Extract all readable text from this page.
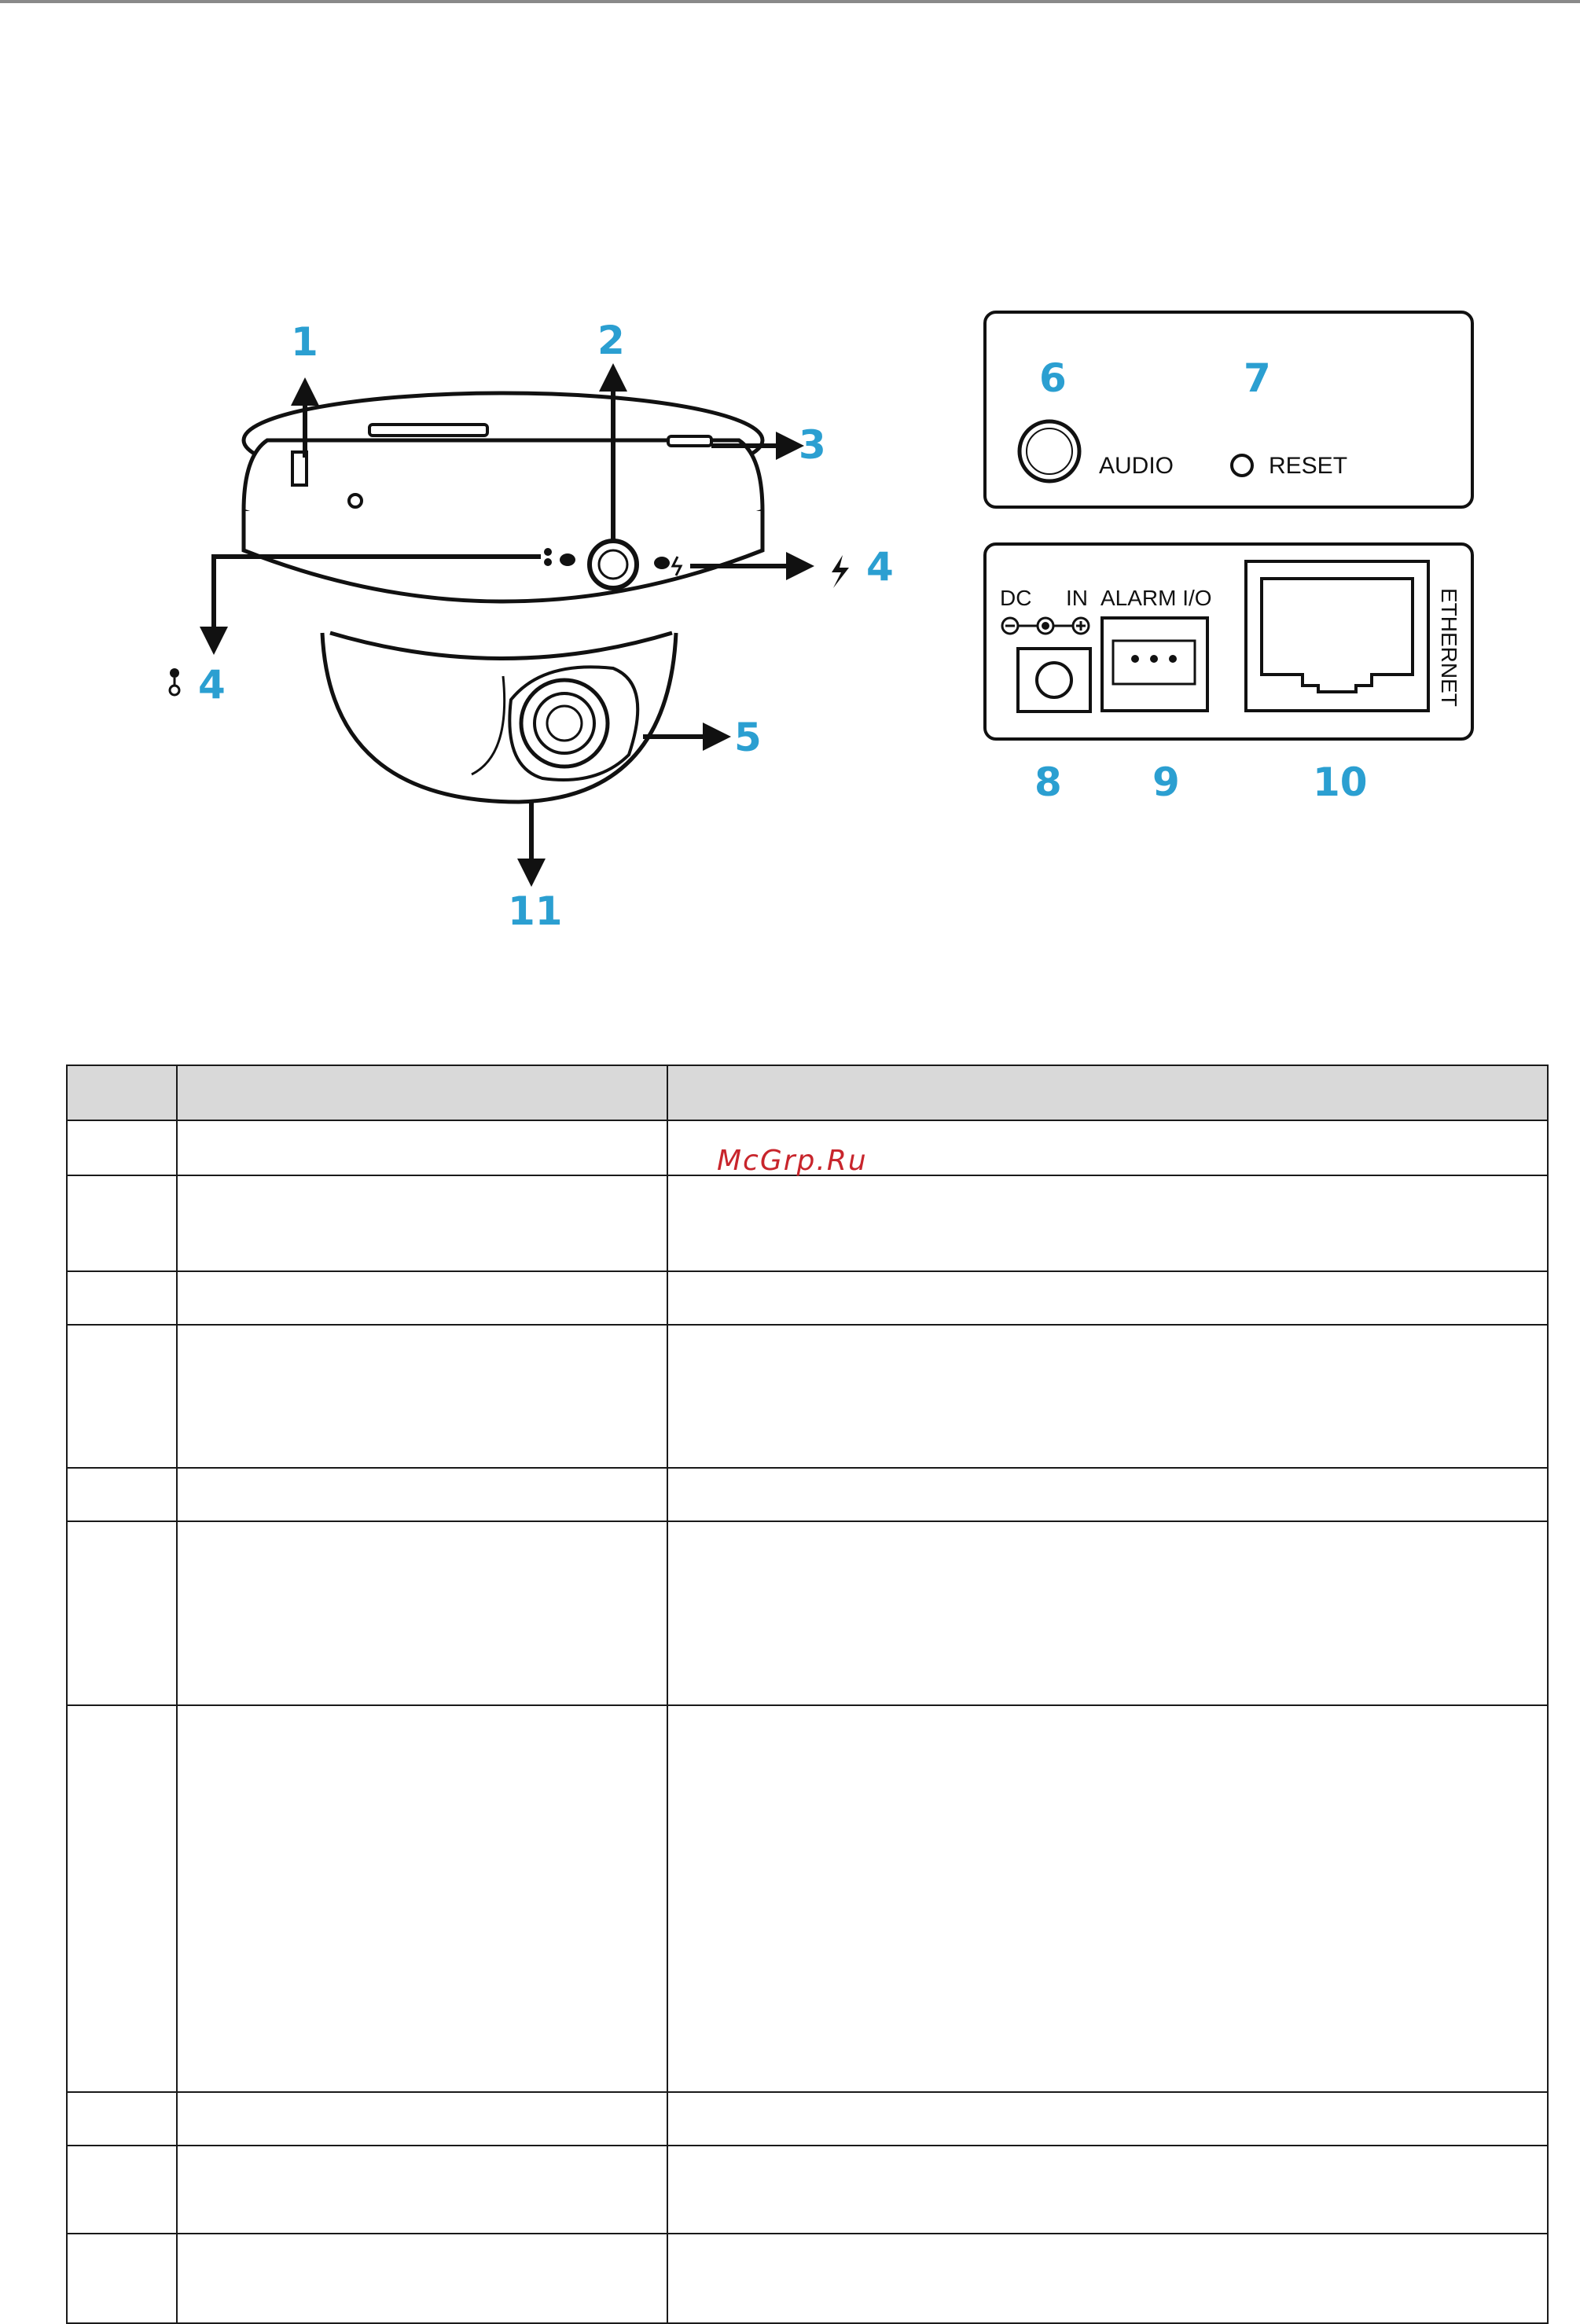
1	2
3
4
4
5
11
AUDIO	RESET
6	7
DC IN ALARM I/O	ETHERNET
8 9	10

McGrp.Ru
